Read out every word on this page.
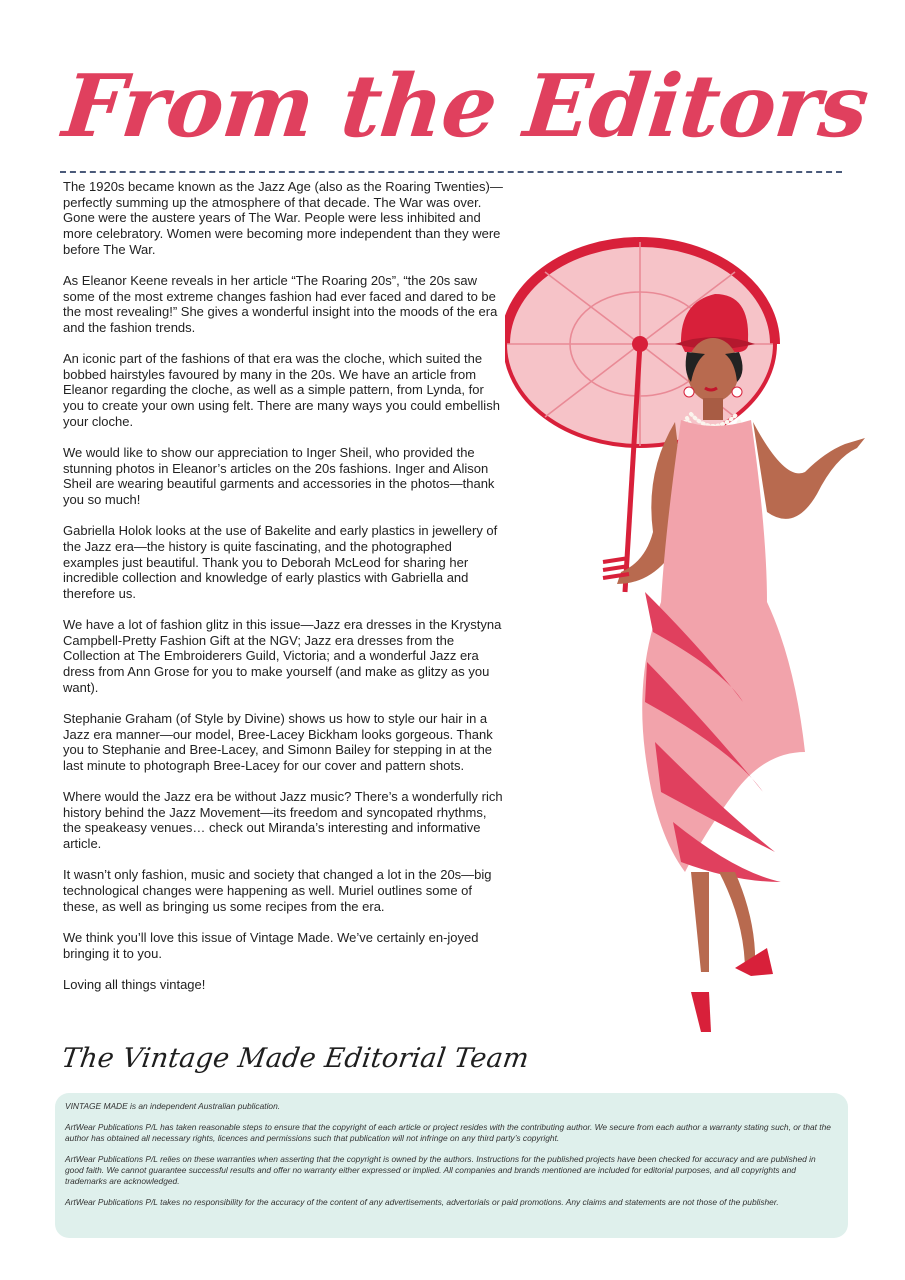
From the Editors

The 1920s became known as the Jazz Age (also as the Roaring Twenties)—perfectly summing up the atmosphere of that decade. The War was over. Gone were the austere years of The War. People were less inhibited and more celebratory. Women were becoming more independent than they were before The War.

As Eleanor Keene reveals in her article “The Roaring 20s”, “the 20s saw some of the most extreme changes fashion had ever faced and dared to be the most revealing!” She gives a wonderful insight into the moods of the era and the fashion trends.

An iconic part of the fashions of that era was the cloche, which suited the bobbed hairstyles favoured by many in the 20s. We have an article from Eleanor regarding the cloche, as well as a simple pattern, from Lynda, for you to create your own using felt. There are many ways you could embellish your cloche.

We would like to show our appreciation to Inger Sheil, who provided the stunning photos in Eleanor’s articles on the 20s fashions. Inger and Alison Sheil are wearing beautiful garments and accessories in the photos—thank you so much!

Gabriella Holok looks at the use of Bakelite and early plastics in jewellery of the Jazz era—the history is quite fascinating, and the photographed examples just beautiful. Thank you to Deborah McLeod for sharing her incredible collection and knowledge of early plastics with Gabriella and therefore us.

We have a lot of fashion glitz in this issue—Jazz era dresses in the Krystyna Campbell-Pretty Fashion Gift at the NGV; Jazz era dresses from the Collection at The Embroiderers Guild, Victoria; and a wonderful Jazz era dress from Ann Grose for you to make yourself (and make as glitzy as you want).

Stephanie Graham (of Style by Divine) shows us how to style our hair in a Jazz era manner—our model, Bree-Lacey Bickham looks gorgeous. Thank you to Stephanie and Bree-Lacey, and Simonn Bailey for stepping in at the last minute to photograph Bree-Lacey for our cover and pattern shots.

Where would the Jazz era be without Jazz music? There’s a wonderfully rich history behind the Jazz Movement—its freedom and syncopated rhythms, the speakeasy venues… check out Miranda’s interesting and informative article.

It wasn’t only fashion, music and society that changed a lot in the 20s—big technological changes were happening as well. Muriel outlines some of these, as well as bringing us some recipes from the era.

We think you’ll love this issue of Vintage Made. We’ve certainly en-joyed bringing it to you.

Loving all things vintage!

The Vintage Made Editorial Team

VINTAGE MADE is an independent Australian publication.

ArtWear Publications P/L has taken reasonable steps to ensure that the copyright of each article or project resides with the contributing author. We secure from each author a warranty stating such, or that the author has obtained all necessary rights, licences and permissions such that publication will not infringe on any third party’s copyright.

ArtWear Publications P/L relies on these warranties when asserting that the copyright is owned by the authors. Instructions for the published projects have been checked for accuracy and are published in good faith. We cannot guarantee successful results and offer no warranty either expressed or implied. All companies and brands mentioned are included for editorial purposes, and all copyrights and trademarks are acknowledged.

ArtWear Publications P/L takes no responsibility for the accuracy of the content of any advertisements, advertorials or paid promotions. Any claims and statements are not those of the publisher.
